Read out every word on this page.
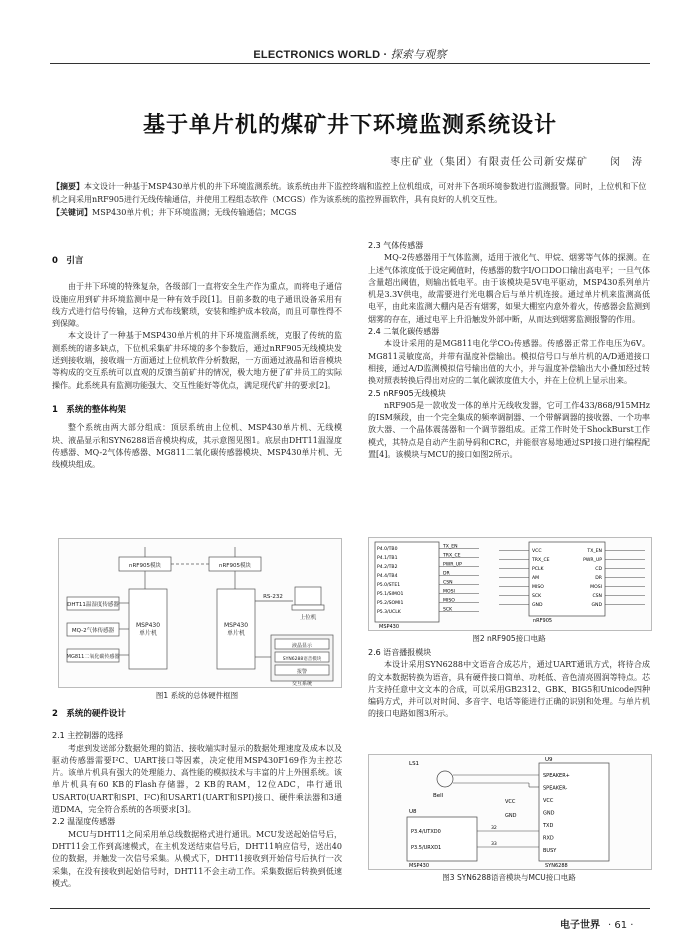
ELECTRONICS WORLD · 探索与观察
基于单片机的煤矿井下环境监测系统设计
枣庄矿业（集团）有限责任公司新安煤矿 闵　涛
【摘要】本文设计一种基于MSP430单片机的井下环境监测系统。该系统由井下监控终端和监控上位机组成，可对井下各项环境参数进行监测报警。同时，上位机和下位机之间采用nRF905进行无线传输通信，并使用工程组态软件（MCGS）作为该系统的监控界面软件，具有良好的人机交互性。
【关键词】MSP430单片机；井下环境监测；无线传输通信；MCGS
0　引言

由于井下环境的特殊复杂，各级部门一直将安全生产作为重点，而将电子通信设施应用到矿井环境监测中是一种有效手段[1]。目前多数的电子通讯设备采用有线方式进行信号传输，这种方式布线繁琐，安装和维护成本较高，而且可靠性得不到保障。

本文设计了一种基于MSP430单片机的井下环境监测系统，克服了传统的监测系统的诸多缺点，下位机采集矿井环境的多个参数后，通过nRF905无线模块发送到接收端，接收端一方面通过上位机软件分析数据，一方面通过液晶和语音模块等构成的交互系统可以直观的反馈当前矿井的情况，极大地方便了矿井员工的实际操作。此系统具有监测功能强大、交互性能好等优点，满足现代矿井的要求[2]。

1　系统的整体构架

整个系统由两大部分组成：顶层系统由上位机、MSP430单片机、无线模块、液晶显示和SYN6288语音模块构成，其示意图见图1。底层由DHT11温湿度传感器、MQ-2气体传感器、MG811二氧化碳传感器模块、MSP430单片机、无线模块组成。

nRF905模块	nRF905模块
MSP430
单片机
MSP430
单片机
DHT11温湿度传感器
MQ-2气体传感器
MG811二氧化碳传感器
RS-232
上位机
液晶显示
SYN6288语音模块
报警
交互系统
图1 系统的总体硬件框图
2　系统的硬件设计
2.1 主控制器的选择

考虑到发送部分数据处理的简洁、接收端实时显示的数据处理速度及成本以及驱动传感器需要I²C、UART接口等因素，决定使用MSP430F169作为主控芯片。该单片机具有强大的处理能力、高性能的模拟技术与丰富的片上外围系统。该单片机具有60 KB的Flash存储器，2 KB的RAM，12位ADC，串行通讯USART0(UART和SPI、I²C)和USART1(UART和SPI)接口、硬件乘法器和3通道DMA，完全符合系统的各项要求[3]。

2.2 温湿度传感器

MCU与DHT11之间采用单总线数据格式进行通讯。MCU发送起始信号后，DHT11会工作到高速模式，在主机发送结束信号后，DHT11响应信号，送出40位的数据，并触发一次信号采集。从模式下，DHT11接收到开始信号后执行一次采集，在没有接收到起始信号时，DHT11不会主动工作。采集数据后转换到低速模式。

2.3 气体传感器

MQ-2传感器用于气体监测，适用于液化气、甲烷、烟雾等气体的探测。在上述气体浓度低于设定阈值时，传感器的数字I/O口DO口输出高电平；一旦气体含量超出阈值，则输出低电平。由于该模块是5V电平驱动，MSP430系列单片机是3.3V供电，故需要进行光电耦合后与单片机连接。通过单片机来监测高低电平，由此来监测大棚内是否有烟雾，如果大棚室内意外着火，传感器会监测到烟雾的存在，通过电平上升沿触发外部中断，从而达到烟雾监测报警的作用。

2.4 二氧化碳传感器

本设计采用的是MG811电化学CO₂传感器。传感器正常工作电压为6V。MG811灵敏度高，并带有温度补偿输出。模拟信号口与单片机的A/D通道接口相接，通过A/D监测模拟信号输出值的大小，并与温度补偿输出大小叠加经过转换对照表转换后得出对应的二氧化碳浓度值大小，并在上位机上显示出来。

2.5 nRF905无线模块

nRF905是一款收发一体的单片无线收发器，它可工作433/868/915MHz的ISM频段，由一个完全集成的频率调制器、一个带解调器的接收器、一个功率放大器、一个晶体震荡器和一个调节器组成。正常工作时处于ShockBurst工作模式，其特点是自动产生前导码和CRC，并能很容易地通过SPI接口进行编程配置[4]。该模块与MCU的接口如图2所示。

MSP430
nRF905
P4.0/TB0	TX_EN
P4.1/TB1	TRX_CE
P4.2/TB2	PWR_UP
P4.4/TB4	DR
P5.0/STE1	CSN
P5.1/SIMO1	MOSI
P5.2/SOMI1	MISO
P5.3/UCLK	SCK
VCC
TRX_CE
PCLK
AM
MISO
SCK
GND
TX_EN
PWR_UP
CD
DR
MOSI
CSN
GND
图2 nRF905接口电路
2.6 语音播报模块

本设计采用SYN6288中文语音合成芯片，通过UART通讯方式，将待合成的文本数据转换为语音，具有硬件接口简单、功耗低、音色清亮圆润等特点。芯片支持任意中文文本的合成，可以采用GB2312、GBK、BIG5和Unicode四种编码方式，并可以对时间、多音字、电话等能进行正确的识别和处理。与单片机的接口电路如图3所示。

LS1
Bell
U9
U8
VCC
GND
MSP430	SYN6288
SPEAKER+
SPEAKER-
VCC
GND
TXD
RXD
BUSY
P3.4/UTXD0
32
P3.5/URXD1
33
图3 SYN6288语音模块与MCU接口电路
电子世界 · 61 ·
